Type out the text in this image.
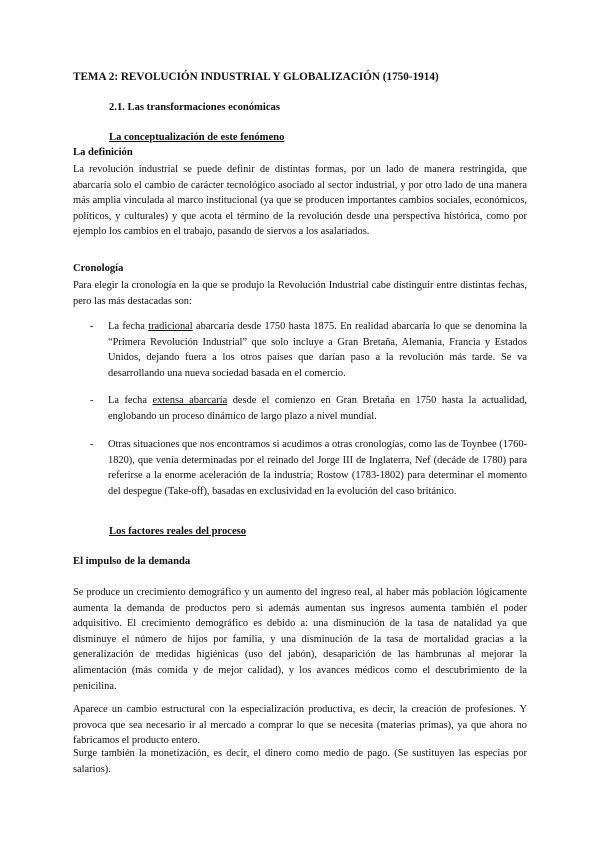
TEMA 2: REVOLUCIÓN INDUSTRIAL Y GLOBALIZACIÓN (1750-1914)
2.1. Las transformaciones económicas
La conceptualización de este fenómeno
La definición

La revolución industrial se puede definir de distintas formas, por un lado de manera restringida, que abarcaría solo el cambio de carácter tecnológico asociado al sector industrial, y por otro lado de una manera más amplia vinculada al marco institucional (ya que se producen importantes cambios sociales, económicos, políticos, y culturales) y que acota el término de la revolución desde una perspectiva histórica, como por ejemplo los cambios en el trabajo, pasando de siervos a los asalariados.

Cronología

Para elegir la cronología en la que se produjo la Revolución Industrial cabe distinguir entre distintas fechas, pero las más destacadas son:

- La fecha tradicional abarcaría desde 1750 hasta 1875. En realidad abarcaría lo que se denomina la “Primera Revolución Industrial” que solo incluye a Gran Bretaña, Alemania, Francia y Estados Unidos, dejando fuera a los otros países que darían paso a la revolución más tarde. Se va desarrollando una nueva sociedad basada en el comercio.
- La fecha extensa abarcaría desde el comienzo en Gran Bretaña en 1750 hasta la actualidad, englobando un proceso dinámico de largo plazo a nivel mundial.
- Otras situaciones que nos encontramos si acudimos a otras cronologías, como las de Toynbee (1760-1820), que venía determinadas por el reinado del Jorge III de Inglaterra, Nef (decáde de 1780) para referirse a la enorme aceleración de la industria; Rostow (1783-1802) para determinar el momento del despegue (Take-off), basadas en exclusividad en la evolución del caso británico.
Los factores reales del proceso
El impulso de la demanda

Se produce un crecimiento demográfico y un aumento del ingreso real, al haber más población lógicamente aumenta la demanda de productos pero si además aumentan sus ingresos aumenta también el poder adquisitivo. El crecimiento demográfico es debido a: una disminución de la tasa de natalidad ya que disminuye el número de hijos por familia, y una disminución de la tasa de mortalidad gracias a la generalización de medidas higiénicas (uso del jabón), desaparición de las hambrunas al mejorar la alimentación (más comida y de mejor calidad), y los avances médicos como el descubrimiento de la penicilina.

Aparece un cambio estructural con la especialización productiva, es decir, la creación de profesiones. Y provoca que sea necesario ir al mercado a comprar lo que se necesita (materias primas), ya que ahora no fabricamos el producto entero.

Surge también la monetización, es decir, el dinero como medio de pago. (Se sustituyen las especias por salarios).
